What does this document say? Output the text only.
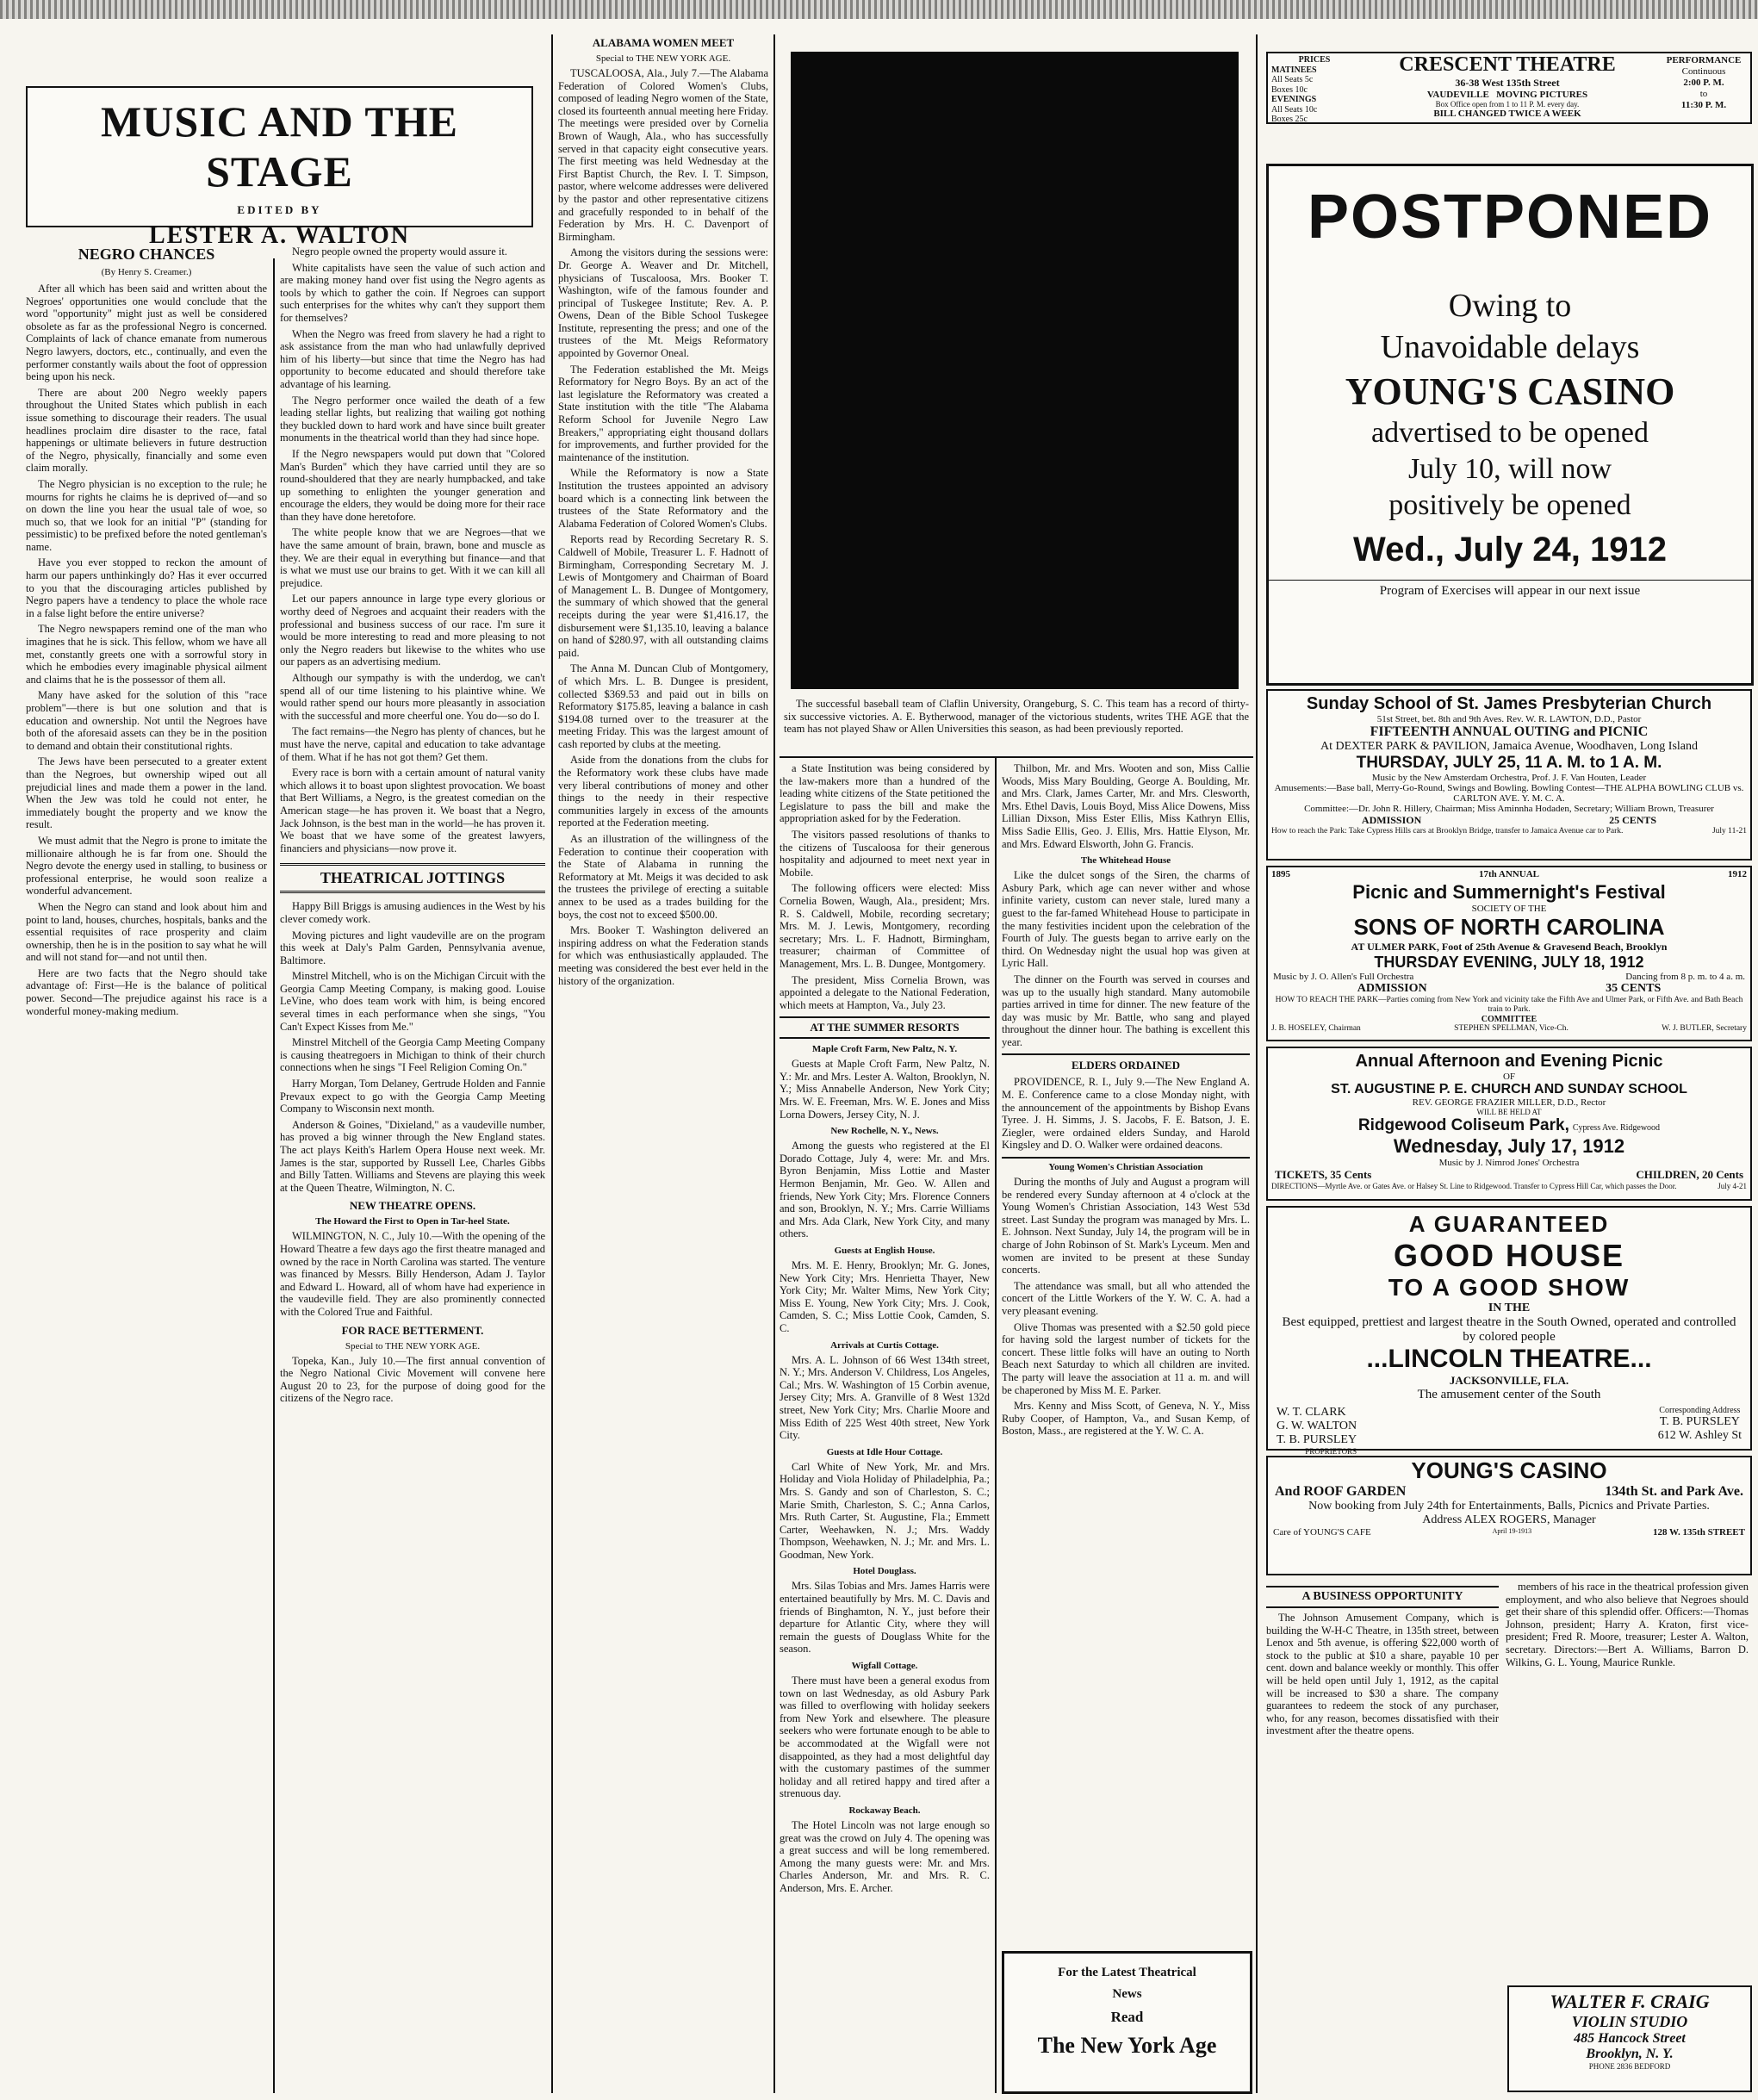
MUSIC AND THE STAGE
EDITED BY
LESTER A. WALTON
NEGRO CHANCES
(By Henry S. Creamer.)

After all which has been said and written about the Negroes' opportunities one would conclude that the word "opportunity" might just as well be considered obsolete as far as the professional Negro is concerned. Complaints of lack of chance emanate from numerous Negro lawyers, doctors, etc., continually, and even the performer constantly wails about the foot of oppression being upon his neck.

There are about 200 Negro weekly papers throughout the United States which publish in each issue something to discourage their readers. The usual headlines proclaim dire disaster to the race, fatal happenings or ultimate believers in future destruction of the Negro, physically, financially and some even claim morally.

The Negro physician is no exception to the rule; he mourns for rights he claims he is deprived of—and so on down the line you hear the usual tale of woe, so much so, that we look for an initial "P" (standing for pessimistic) to be prefixed before the noted gentleman's name.

Have you ever stopped to reckon the amount of harm our papers unthinkingly do? Has it ever occurred to you that the discouraging articles published by Negro papers have a tendency to place the whole race in a false light before the entire universe?

The Negro newspapers remind one of the man who imagines that he is sick. This fellow, whom we have all met, constantly greets one with a sorrowful story in which he embodies every imaginable physical ailment and claims that he is the possessor of them all.

Many have asked for the solution of this "race problem"—there is but one solution and that is education and ownership. Not until the Negroes have both of the aforesaid assets can they be in the position to demand and obtain their constitutional rights.

The Jews have been persecuted to a greater extent than the Negroes, but ownership wiped out all prejudicial lines and made them a power in the land. When the Jew was told he could not enter, he immediately bought the property and we know the result.

We must admit that the Negro is prone to imitate the millionaire although he is far from one. Should the Negro devote the energy used in stalling, to business or professional enterprise, he would soon realize a wonderful advancement.

When the Negro can stand and look about him and point to land, houses, churches, hospitals, banks and the essential requisites of race prosperity and claim ownership, then he is in the position to say what he will and will not stand for—and not until then.

Here are two facts that the Negro should take advantage of: First—He is the balance of political power. Second—The prejudice against his race is a wonderful money-making medium.

Negro people owned the property would assure it.

White capitalists have seen the value of such action and are making money hand over fist using the Negro agents as tools by which to gather the coin. If Negroes can support such enterprises for the whites why can't they support them for themselves?

When the Negro was freed from slavery he had a right to ask assistance from the man who had unlawfully deprived him of his liberty—but since that time the Negro has had opportunity to become educated and should therefore take advantage of his learning.

The Negro performer once wailed the death of a few leading stellar lights, but realizing that wailing got nothing they buckled down to hard work and have since built greater monuments in the theatrical world than they had since hope.

If the Negro newspapers would put down that "Colored Man's Burden" which they have carried until they are so round-shouldered that they are nearly humpbacked, and take up something to enlighten the younger generation and encourage the elders, they would be doing more for their race than they have done heretofore.

The white people know that we are Negroes—that we have the same amount of brain, brawn, bone and muscle as they. We are their equal in everything but finance—and that is what we must use our brains to get. With it we can kill all prejudice.

Let our papers announce in large type every glorious or worthy deed of Negroes and acquaint their readers with the professional and business success of our race. I'm sure it would be more interesting to read and more pleasing to not only the Negro readers but likewise to the whites who use our papers as an advertising medium.

Although our sympathy is with the underdog, we can't spend all of our time listening to his plaintive whine. We would rather spend our hours more pleasantly in association with the successful and more cheerful one. You do—so do I.

The fact remains—the Negro has plenty of chances, but he must have the nerve, capital and education to take advantage of them. What if he has not got them? Get them.

Every race is born with a certain amount of natural vanity which allows it to boast upon slightest provocation. We boast that Bert Williams, a Negro, is the greatest comedian on the American stage—he has proven it. We boast that a Negro, Jack Johnson, is the best man in the world—he has proven it. We boast that we have some of the greatest lawyers, financiers and physicians—now prove it.

THEATRICAL JOTTINGS

Happy Bill Briggs is amusing audiences in the West by his clever comedy work.

Moving pictures and light vaudeville are on the program this week at Daly's Palm Garden, Pennsylvania avenue, Baltimore.

Minstrel Mitchell, who is on the Michigan Circuit with the Georgia Camp Meeting Company, is making good. Louise LeVine, who does team work with him, is being encored several times in each performance when she sings, "You Can't Expect Kisses from Me."

Minstrel Mitchell of the Georgia Camp Meeting Company is causing theatregoers in Michigan to think of their church connections when he sings "I Feel Religion Coming On."

Harry Morgan, Tom Delaney, Gertrude Holden and Fannie Prevaux expect to go with the Georgia Camp Meeting Company to Wisconsin next month.

Anderson & Goines, "Dixieland," as a vaudeville number, has proved a big winner through the New England states. The act plays Keith's Harlem Opera House next week. Mr. James is the star, supported by Russell Lee, Charles Gibbs and Billy Tatten. Williams and Stevens are playing this week at the Queen Theatre, Wilmington, N. C.

NEW THEATRE OPENS.
The Howard the First to Open in Tar-heel State.

WILMINGTON, N. C., July 10.—With the opening of the Howard Theatre a few days ago the first theatre managed and owned by the race in North Carolina was started. The venture was financed by Messrs. Billy Henderson, Adam J. Taylor and Edward L. Howard, all of whom have had experience in the vaudeville field. They are also prominently connected with the Colored True and Faithful.

FOR RACE BETTERMENT.
Special to THE NEW YORK AGE.

Topeka, Kan., July 10.—The first annual convention of the Negro National Civic Movement will convene here August 20 to 23, for the purpose of doing good for the citizens of the Negro race.

ALABAMA WOMEN MEET
Special to THE NEW YORK AGE.

TUSCALOOSA, Ala., July 7.—The Alabama Federation of Colored Women's Clubs, composed of leading Negro women of the State, closed its fourteenth annual meeting here Friday. The meetings were presided over by Cornelia Brown of Waugh, Ala., who has successfully served in that capacity eight consecutive years. The first meeting was held Wednesday at the First Baptist Church, the Rev. I. T. Simpson, pastor, where welcome addresses were delivered by the pastor and other representative citizens and gracefully responded to in behalf of the Federation by Mrs. H. C. Davenport of Birmingham.

Among the visitors during the sessions were: Dr. George A. Weaver and Dr. Mitchell, physicians of Tuscaloosa, Mrs. Booker T. Washington, wife of the famous founder and principal of Tuskegee Institute; Rev. A. P. Owens, Dean of the Bible School Tuskegee Institute, representing the press; and one of the trustees of the Mt. Meigs Reformatory appointed by Governor Oneal.

The Federation established the Mt. Meigs Reformatory for Negro Boys. By an act of the last legislature the Reformatory was created a State institution with the title "The Alabama Reform School for Juvenile Negro Law Breakers," appropriating eight thousand dollars for improvements, and further provided for the maintenance of the institution.

While the Reformatory is now a State Institution the trustees appointed an advisory board which is a connecting link between the trustees of the State Reformatory and the Alabama Federation of Colored Women's Clubs.

Reports read by Recording Secretary R. S. Caldwell of Mobile, Treasurer L. F. Hadnott of Birmingham, Corresponding Secretary M. J. Lewis of Montgomery and Chairman of Board of Management L. B. Dungee of Montgomery, the summary of which showed that the general receipts during the year were $1,416.17, the disbursement were $1,135.10, leaving a balance on hand of $280.97, with all outstanding claims paid.

The Anna M. Duncan Club of Montgomery, of which Mrs. L. B. Dungee is president, collected $369.53 and paid out in bills on Reformatory $175.85, leaving a balance in cash $194.08 turned over to the treasurer at the meeting Friday. This was the largest amount of cash reported by clubs at the meeting.

Aside from the donations from the clubs for the Reformatory work these clubs have made very liberal contributions of money and other things to the needy in their respective communities largely in excess of the amounts reported at the Federation meeting.

As an illustration of the willingness of the Federation to continue their cooperation with the State of Alabama in running the Reformatory at Mt. Meigs it was decided to ask the trustees the privilege of erecting a suitable annex to be used as a trades building for the boys, the cost not to exceed $500.00.

Mrs. Booker T. Washington delivered an inspiring address on what the Federation stands for which was enthusiastically applauded. The meeting was considered the best ever held in the history of the organization.

The successful baseball team of Claflin University, Orangeburg, S. C. This team has a record of thirty-six successive victories. A. E. Bytherwood, manager of the victorious students, writes THE AGE that the team has not played Shaw or Allen Universities this season, as had been previously reported.

a State Institution was being considered by the law-makers more than a hundred of the leading white citizens of the State petitioned the Legislature to pass the bill and make the appropriation asked for by the Federation.

The visitors passed resolutions of thanks to the citizens of Tuscaloosa for their generous hospitality and adjourned to meet next year in Mobile.

The following officers were elected: Miss Cornelia Bowen, Waugh, Ala., president; Mrs. R. S. Caldwell, Mobile, recording secretary; Mrs. M. J. Lewis, Montgomery, recording secretary; Mrs. L. F. Hadnott, Birmingham, treasurer; chairman of Committee of Management, Mrs. L. B. Dungee, Montgomery.

The president, Miss Cornelia Brown, was appointed a delegate to the National Federation, which meets at Hampton, Va., July 23.

AT THE SUMMER RESORTS
Maple Croft Farm, New Paltz, N. Y.

Guests at Maple Croft Farm, New Paltz, N. Y.: Mr. and Mrs. Lester A. Walton, Brooklyn, N. Y.; Miss Annabelle Anderson, New York City; Mrs. W. E. Freeman, Mrs. W. E. Jones and Miss Lorna Dowers, Jersey City, N. J.

New Rochelle, N. Y., News.

Among the guests who registered at the El Dorado Cottage, July 4, were: Mr. and Mrs. Byron Benjamin, Miss Lottie and Master Hermon Benjamin, Mr. Geo. W. Allen and friends, New York City; Mrs. Florence Conners and son, Brooklyn, N. Y.; Mrs. Carrie Williams and Mrs. Ada Clark, New York City, and many others.

Guests at English House.

Mrs. M. E. Henry, Brooklyn; Mr. G. Jones, New York City; Mrs. Henrietta Thayer, New York City; Mr. Walter Mims, New York City; Miss E. Young, New York City; Mrs. J. Cook, Camden, S. C.; Miss Lottie Cook, Camden, S. C.

Arrivals at Curtis Cottage.

Mrs. A. L. Johnson of 66 West 134th street, N. Y.; Mrs. Anderson V. Childress, Los Angeles, Cal.; Mrs. W. Washington of 15 Corbin avenue, Jersey City; Mrs. A. Granville of 8 West 132d street, New York City; Mrs. Charlie Moore and Miss Edith of 225 West 40th street, New York City.

Guests at Idle Hour Cottage.

Carl White of New York, Mr. and Mrs. Holiday and Viola Holiday of Philadelphia, Pa.; Mrs. S. Gandy and son of Charleston, S. C.; Marie Smith, Charleston, S. C.; Anna Carlos, Mrs. Ruth Carter, St. Augustine, Fla.; Emmett Carter, Weehawken, N. J.; Mrs. Waddy Thompson, Weehawken, N. J.; Mr. and Mrs. L. Goodman, New York.

Hotel Douglass.

Mrs. Silas Tobias and Mrs. James Harris were entertained beautifully by Mrs. M. C. Davis and friends of Binghamton, N. Y., just before their departure for Atlantic City, where they will remain the guests of Douglass White for the season.

Wigfall Cottage.

There must have been a general exodus from town on last Wednesday, as old Asbury Park was filled to overflowing with holiday seekers from New York and elsewhere. The pleasure seekers who were fortunate enough to be able to be accommodated at the Wigfall were not disappointed, as they had a most delightful day with the customary pastimes of the summer holiday and all retired happy and tired after a strenuous day.

Rockaway Beach.

The Hotel Lincoln was not large enough so great was the crowd on July 4. The opening was a great success and will be long remembered. Among the many guests were: Mr. and Mrs. Charles Anderson, Mr. and Mrs. R. C. Anderson, Mrs. E. Archer.

Thilbon, Mr. and Mrs. Wooten and son, Miss Callie Woods, Miss Mary Boulding, George A. Boulding, Mr. and Mrs. Clark, James Carter, Mr. and Mrs. Clesworth, Mrs. Ethel Davis, Louis Boyd, Miss Alice Dowens, Miss Lillian Dixson, Miss Ester Ellis, Miss Kathryn Ellis, Miss Sadie Ellis, Geo. J. Ellis, Mrs. Hattie Elyson, Mr. and Mrs. Edward Elsworth, John G. Francis.

The Whitehead House

Like the dulcet songs of the Siren, the charms of Asbury Park, which age can never wither and whose infinite variety, custom can never stale, lured many a guest to the far-famed Whitehead House to participate in the many festivities incident upon the celebration of the Fourth of July. The guests began to arrive early on the third. On Wednesday night the usual hop was given at Lyric Hall.

The dinner on the Fourth was served in courses and was up to the usually high standard. Many automobile parties arrived in time for dinner. The new feature of the day was music by Mr. Battle, who sang and played throughout the dinner hour. The bathing is excellent this year.

ELDERS ORDAINED

PROVIDENCE, R. I., July 9.—The New England A. M. E. Conference came to a close Monday night, with the announcement of the appointments by Bishop Evans Tyree. J. H. Simms, J. S. Jacobs, F. E. Batson, J. E. Ziegler, were ordained elders Sunday, and Harold Kingsley and D. O. Walker were ordained deacons.

Young Women's Christian Association

During the months of July and August a program will be rendered every Sunday afternoon at 4 o'clock at the Young Women's Christian Association, 143 West 53d street. Last Sunday the program was managed by Mrs. L. E. Johnson. Next Sunday, July 14, the program will be in charge of John Robinson of St. Mark's Lyceum. Men and women are invited to be present at these Sunday concerts.

The attendance was small, but all who attended the concert of the Little Workers of the Y. W. C. A. had a very pleasant evening.

Olive Thomas was presented with a $2.50 gold piece for having sold the largest number of tickets for the concert. These little folks will have an outing to North Beach next Saturday to which all children are invited. The party will leave the association at 11 a. m. and will be chaperoned by Miss M. E. Parker.

Mrs. Kenny and Miss Scott, of Geneva, N. Y., Miss Ruby Cooper, of Hampton, Va., and Susan Kemp, of Boston, Mass., are registered at the Y. W. C. A.

For the Latest Theatrical
News
Read
The New York Age
PRICES
MATINEES
All Seats 5c
Boxes 10c
EVENINGS
All Seats 10c
Boxes 25c
CRESCENT THEATRE
36-38 West 135th Street
VAUDEVILLE MOVING PICTURES
Box Office open from 1 to 11 P. M. every day.
BILL CHANGED TWICE A WEEK
PERFORMANCE
Continuous
2:00 P. M.
to
11:30 P. M.
POSTPONED
Owing to
Unavoidable delays
YOUNG'S CASINO
advertised to be opened
July 10, will now
positively be opened
Wed., July 24, 1912
Program of Exercises will appear in our next issue
Sunday School of St. James Presbyterian Church
51st Street, bet. 8th and 9th Aves. Rev. W. R. LAWTON, D.D., Pastor
FIFTEENTH ANNUAL OUTING and PICNIC
At DEXTER PARK & PAVILION, Jamaica Avenue, Woodhaven, Long Island
THURSDAY, JULY 25, 11 A. M. to 1 A. M.
Music by the New Amsterdam Orchestra, Prof. J. F. Van Houten, Leader
Amusements:—Base ball, Merry-Go-Round, Swings and Bowling. Bowling Contest—THE ALPHA BOWLING CLUB vs. CARLTON AVE. Y. M. C. A.
Committee:—Dr. John R. Hillery, Chairman; Miss Aminnha Hodaden, Secretary; William Brown, Treasurer
ADMISSION	25 CENTS
How to reach the Park: Take Cypress Hills cars at Brooklyn Bridge, transfer to Jamaica Avenue car to Park.	July 11-21
1895	17th ANNUAL	1912
Picnic and Summernight's Festival
SOCIETY OF THE
SONS OF NORTH CAROLINA
AT ULMER PARK, Foot of 25th Avenue & Gravesend Beach, Brooklyn
THURSDAY EVENING, JULY 18, 1912
Music by J. O. Allen's Full Orchestra	Dancing from 8 p. m. to 4 a. m.
ADMISSION	35 CENTS
HOW TO REACH THE PARK—Parties coming from New York and vicinity take the Fifth Ave and Ulmer Park, or Fifth Ave. and Bath Beach train to Park.
COMMITTEE
J. B. HOSELEY, Chairman	STEPHEN SPELLMAN, Vice-Ch.	W. J. BUTLER, Secretary
Annual Afternoon and Evening Picnic
OF
ST. AUGUSTINE P. E. CHURCH AND SUNDAY SCHOOL
REV. GEORGE FRAZIER MILLER, D.D., Rector
WILL BE HELD AT
Ridgewood Coliseum Park, Cypress Ave. Ridgewood
Wednesday, July 17, 1912
Music by J. Nimrod Jones' Orchestra
TICKETS, 35 Cents	CHILDREN, 20 Cents
DIRECTIONS—Myrtle Ave. or Gates Ave. or Halsey St. Line to Ridgewood. Transfer to Cypress Hill Car, which passes the Door.	July 4-21
A GUARANTEED
GOOD HOUSE
TO A GOOD SHOW
IN THE
Best equipped, prettiest and largest theatre in the South Owned, operated and controlled by colored people
...LINCOLN THEATRE...
JACKSONVILLE, FLA.
The amusement center of the South
W. T. CLARK
G. W. WALTON
T. B. PURSLEY
PROPRIETORS
Corresponding Address
T. B. PURSLEY
612 W. Ashley St
YOUNG'S CASINO
And ROOF GARDEN	134th St. and Park Ave.
Now booking from July 24th for Entertainments, Balls, Picnics and Private Parties.
Address ALEX ROGERS, Manager
Care of YOUNG'S CAFE	April 19-1913	128 W. 135th STREET
A BUSINESS OPPORTUNITY

The Johnson Amusement Company, which is building the W-H-C Theatre, in 135th street, between Lenox and 5th avenue, is offering $22,000 worth of stock to the public at $10 a share, payable 10 per cent. down and balance weekly or monthly. This offer will be held open until July 1, 1912, as the capital will be increased to $30 a share. The company guarantees to redeem the stock of any purchaser, who, for any reason, becomes dissatisfied with their investment after the theatre opens.

members of his race in the theatrical profession given employment, and who also believe that Negroes should get their share of this splendid offer. Officers:—Thomas Johnson, president; Harry A. Kraton, first vice-president; Fred R. Moore, treasurer; Lester A. Walton, secretary. Directors:—Bert A. Williams, Barron D. Wilkins, G. L. Young, Maurice Runkle.

WALTER F. CRAIG
VIOLIN STUDIO
485 Hancock Street
Brooklyn, N. Y.
PHONE 2836 BEDFORD
